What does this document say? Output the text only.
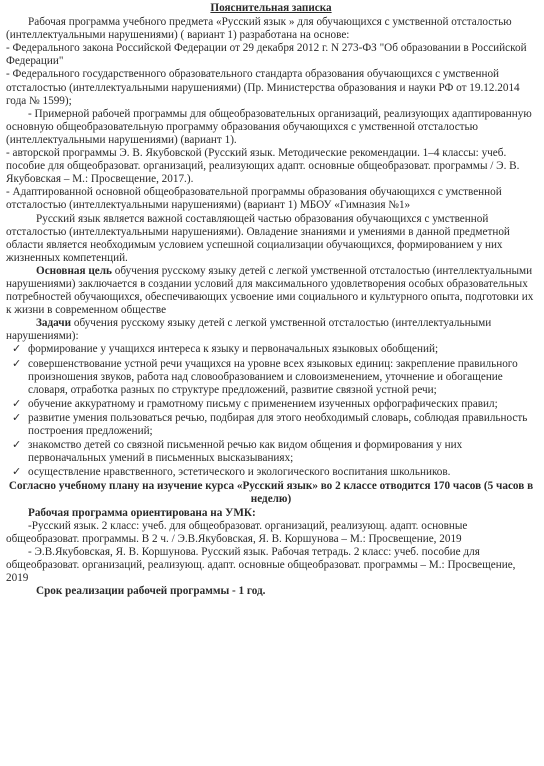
Пояснительная записка

Рабочая программа учебного предмета «Русский язык » для обучающихся с умственной отсталостью (интеллектуальными нарушениями) ( вариант 1) разработана на основе:

- Федерального закона Российской Федерации от 29 декабря 2012 г. N 273-ФЗ "Об образовании в Российской Федерации"

- Федерального государственного образовательного стандарта образования обучающихся с умственной отсталостью (интеллектуальными нарушениями) (Пр. Министерства образования и науки РФ от 19.12.2014 года № 1599);

- Примерной рабочей программы для общеобразовательных организаций, реализующих адаптированную основную общеобразовательную программу образования обучающихся с умственной отсталостью (интеллектуальными нарушениями) (вариант 1).

- авторской программы Э. В. Якубовской (Русский язык. Методические рекомендации. 1–4 классы: учеб. пособие для общеобразоват. организаций, реализующих адапт. основные общеобразоват. программы / Э. В. Якубовская – М.: Просвещение, 2017.).

- Адаптированной основной общеобразовательной программы образования обучающихся с умственной отсталостью (интеллектуальными нарушениями) (вариант 1) МБОУ «Гимназия №1»

Русский язык является важной составляющей частью образования обучающихся с умственной отсталостью (интеллектуальными нарушениями). Овладение знаниями и умениями в данной предметной области является необходимым условием успешной социализации обучающихся, формированием у них жизненных компетенций.

Основная цель обучения русскому языку детей с легкой умственной отсталостью (интеллектуальными нарушениями) заключается в создании условий для максимального удовлетворения особых образовательных потребностей обучающихся, обеспечивающих усвоение ими социального и культурного опыта, подготовки их к жизни в современном обществе

Задачи обучения русскому языку детей с легкой умственной отсталостью (интеллектуальными нарушениями):

✓ формирование у учащихся интереса к языку и первоначальных языковых обобщений;
✓ совершенствование устной речи учащихся на уровне всех языковых единиц: закрепление правильного произношения звуков, работа над словообразованием и словоизменением, уточнение и обогащение словаря, отработка разных по структуре предложений, развитие связной устной речи;
✓ обучение аккуратному и грамотному письму с применением изученных орфографических правил;
✓ развитие умения пользоваться речью, подбирая для этого необходимый словарь, соблюдая правильность построения предложений;
✓ знакомство детей со связной письменной речью как видом общения и формирования у них первоначальных умений в письменных высказываниях;
✓ осуществление нравственного, эстетического и экологического воспитания школьников.

Согласно учебному плану на изучение курса «Русский язык» во 2 классе отводится 170 часов (5 часов в неделю)

Рабочая программа ориентирована на УМК:

-Русский язык. 2 класс: учеб. для общеобразоват. организаций, реализующ. адапт. основные общеобразоват. программы. В 2 ч. / Э.В.Якубовская, Я. В. Коршунова – М.: Просвещение, 2019

- Э.В.Якубовская, Я. В. Коршунова. Русский язык. Рабочая тетрадь. 2 класс: учеб. пособие для общеобразоват. организаций, реализующ. адапт. основные общеобразоват. программы – М.: Просвещение, 2019

Срок реализации рабочей программы - 1 год.
